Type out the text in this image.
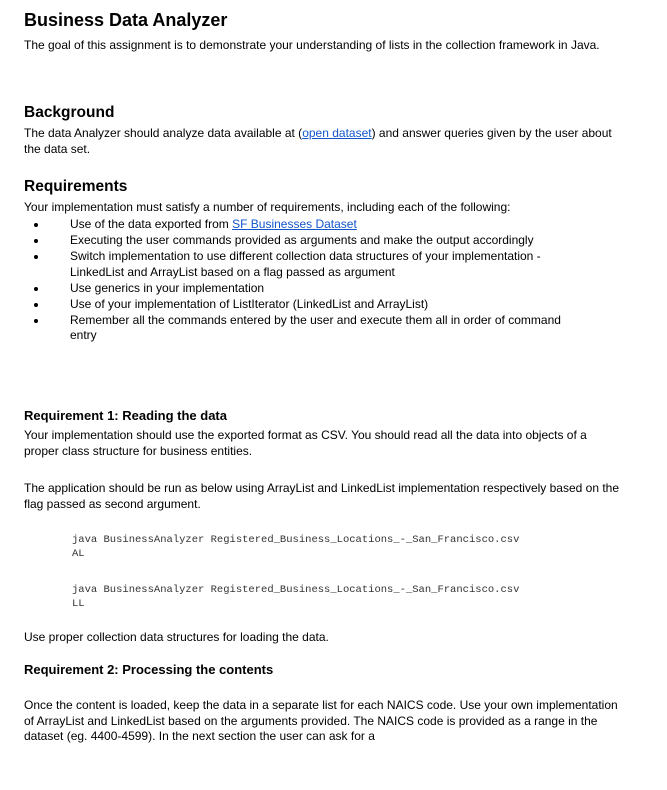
Business Data Analyzer
The goal of this assignment is to demonstrate your understanding of lists in the collection framework in Java.
Background
The data Analyzer should analyze data available at (open dataset) and answer queries given by the user about the data set.
Requirements
Your implementation must satisfy a number of requirements, including each of the following:
Use of the data exported from SF Businesses Dataset
Executing the user commands provided as arguments and make the output accordingly
Switch implementation to use different collection data structures of your implementation - LinkedList and ArrayList based on a flag passed as argument
Use generics in your implementation
Use of your implementation of ListIterator (LinkedList and ArrayList)
Remember all the commands entered by the user and execute them all in order of command entry
Requirement 1: Reading the data
Your implementation should use the exported format as CSV. You should read all the data into objects of a proper class structure for business entities.
The application should be run as below using ArrayList and LinkedList implementation respectively based on the flag passed as second argument.
java BusinessAnalyzer Registered_Business_Locations_-_San_Francisco.csv
AL
java BusinessAnalyzer Registered_Business_Locations_-_San_Francisco.csv
LL
Use proper collection data structures for loading the data.
Requirement 2: Processing the contents
Once the content is loaded, keep the data in a separate list for each NAICS code. Use your own implementation of ArrayList and LinkedList based on the arguments provided. The NAICS code is provided as a range in the dataset (eg. 4400-4599). In the next section the user can ask for a
